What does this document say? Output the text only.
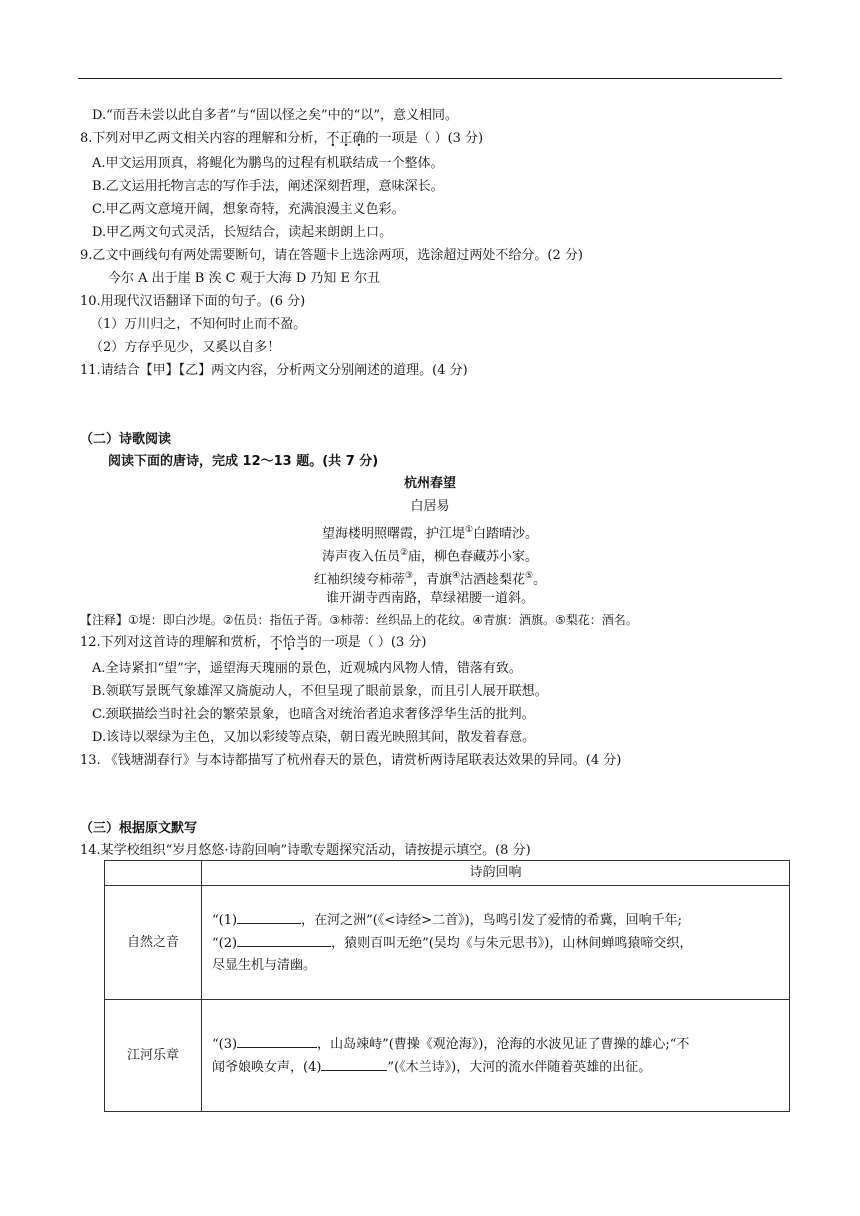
D.“而吾未尝以此自多者”与“固以怪之矣”中的“以”，意义相同。
8.下列对甲乙两文相关内容的理解和分析，不正确的一项是（ ）(3 分)
A.甲文运用顶真，将鲲化为鹏鸟的过程有机联结成一个整体。
B.乙文运用托物言志的写作手法，阐述深刻哲理，意味深长。
C.甲乙两文意境开阔，想象奇特，充满浪漫主义色彩。
D.甲乙两文句式灵活，长短结合，读起来朗朗上口。
9.乙文中画线句有两处需要断句，请在答题卡上选涂两项，选涂超过两处不给分。(2 分)
今尔 A 出于崖 B 涘 C 观于大海 D 乃知 E 尔丑
10.用现代汉语翻译下面的句子。(6 分)
（1）万川归之，不知何时止而不盈。
（2）方存乎见少，又奚以自多！
11.请结合【甲】【乙】两文内容，分析两文分别阐述的道理。(4 分)
（二）诗歌阅读
阅读下面的唐诗，完成 12～13 题。(共 7 分)
杭州春望
白居易
望海楼明照曙霞，护江堤①白踏晴沙。
涛声夜入伍员②庙，柳色春藏苏小家。
红袖织绫夸柿蒂③，青旗④沽酒趁梨花⑤。
谁开湖寺西南路，草绿裙腰一道斜。
【注释】①堤：即白沙堤。②伍员：指伍子胥。③柿蒂：丝织品上的花纹。④青旗：酒旗。⑤梨花：酒名。
12.下列对这首诗的理解和赏析，不恰当的一项是（ ）(3 分)
A.全诗紧扣“望”字，遥望海天瑰丽的景色，近观城内风物人情，错落有致。
B.领联写景既气象雄浑又旖旎动人，不但呈现了眼前景象，而且引人展开联想。
C.颈联描绘当时社会的繁荣景象，也暗含对统治者追求奢侈浮华生活的批判。
D.该诗以翠绿为主色，又加以彩绫等点染，朝日霞光映照其间，散发着春意。
13. 《钱塘湖春行》与本诗都描写了杭州春天的景色，请赏析两诗尾联表达效果的异同。(4 分)
（三）根据原文默写
14.某学校组织“岁月悠悠·诗韵回响”诗歌专题探究活动，请按提示填空。(8 分)
	诗韵回响
自然之音	“(1) ，在河之洲”(《<诗经>二首》)，鸟鸣引发了爱情的希冀，回响千年;
“(2) ，猿则百叫无绝”(吴均《与朱元思书》)，山林间蝉鸣猿啼交织，
尽显生机与清幽。

江河乐章	“(3) ，山岛竦峙”(曹操《观沧海》)，沧海的水波见证了曹操的雄心;“不
闻爷娘唤女声，(4) ”(《木兰诗》)，大河的流水伴随着英雄的出征。
